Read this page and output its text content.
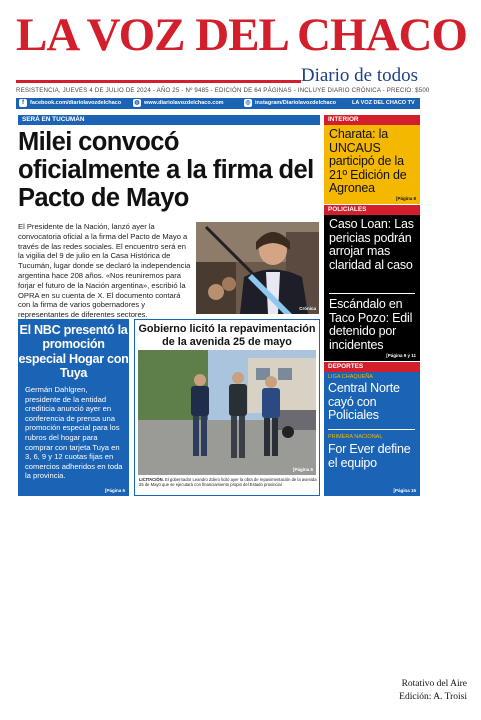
LA VOZ DEL CHACO
Diario de todos
RESISTENCIA, JUEVES 4 DE JULIO DE 2024 - AÑO 25 - Nº 9485 - EDICIÓN DE 64 PÁGINAS - INCLUYE DIARIO CRÓNICA - PRECIO: $500
f facebook.com/diariolavozdelchaco ◍ www.diariolavozdelchaco.com	◎ instagram/Diariolavozdelchaco	LA VOZ DEL CHACO TV
SERÁ EN TUCUMÁN
Milei convocó oficialmente a la firma del Pacto de Mayo
El Presidente de la Nación, lanzó ayer la convocatoria oficial a la firma del Pacto de Mayo a través de las redes sociales. El encuentro será en la vigilia del 9 de julio en la Casa Histórica de Tucumán, lugar donde se declaró la independencia argentina hace 208 años. «Nos reuniremos para forjar el futuro de la Nación argentina», escribió la OPRA en su cuenta de X. El documento contará con la firma de varios gobernadores y representantes de diferentes sectores.
Crónica
INTERIOR
Charata: la UNCAUS participó de la 21º Edición de Agronea
[Página 8
POLICIALES
Caso Loan: Las pericias podrán arrojar mas claridad al caso
Escándalo en Taco Pozo: Edil detenido por incidentes
[Página 9 y 11
DEPORTES
LIGA CHAQUEÑA
Central Norte cayó con Policiales
PRIMERA NACIONAL
For Ever define el equipo
[Página 15
El NBC presentó la promoción especial Hogar con Tuya
Germán Dahlgren, presidente de la entidad crediticia anunció ayer en conferencia de prensa una promoción especial para los rubros del hogar para comprar con tarjeta Tuya en 3, 6, 9 y 12 cuotas fijas en comercios adheridos en toda la provincia.
[Página 5
Gobierno licitó la repavimentación de la avenida 25 de mayo
[Página 6
LICITACIÓN. El gobernador Leandro Zdero licitó ayer la obra de repavimentación de la avenida 25 de Mayo que se ejecutará con financiamiento propio del Estado provincial
Rotativo del Aire
Edición: A. Troisi
